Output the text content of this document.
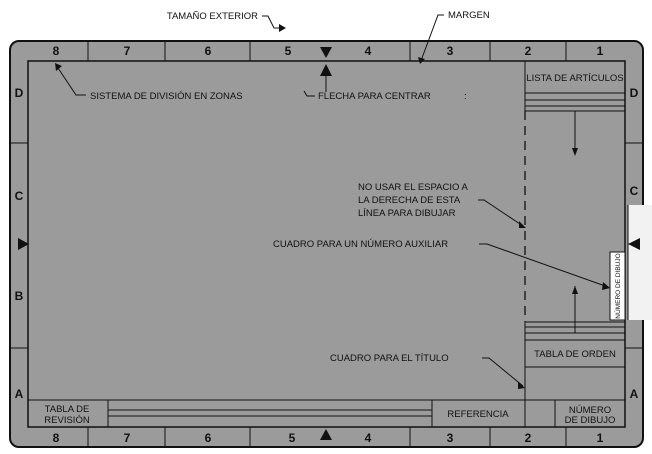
8	7	6	5	4	3	2	1
8	7	6	5	4	3	2	1
D
C
B
A
D
C
A
LISTA DE ARTÍCULOS
TABLA DE ORDEN
NÚMERO DE DIBUJO
TABLA DE
REVISIÓN
REFERENCIA	NÚMERO
DE DIBUJO
TAMAÑO EXTERIOR	MARGEN
SISTEMA DE DIVISIÓN EN ZONAS	FLECHA PARA CENTRAR	:
NO USAR EL ESPACIO A
LA DERECHA DE ESTA
LÍNEA PARA DIBUJAR
CUADRO PARA UN NÚMERO AUXILIAR
CUADRO PARA EL TÍTULO
